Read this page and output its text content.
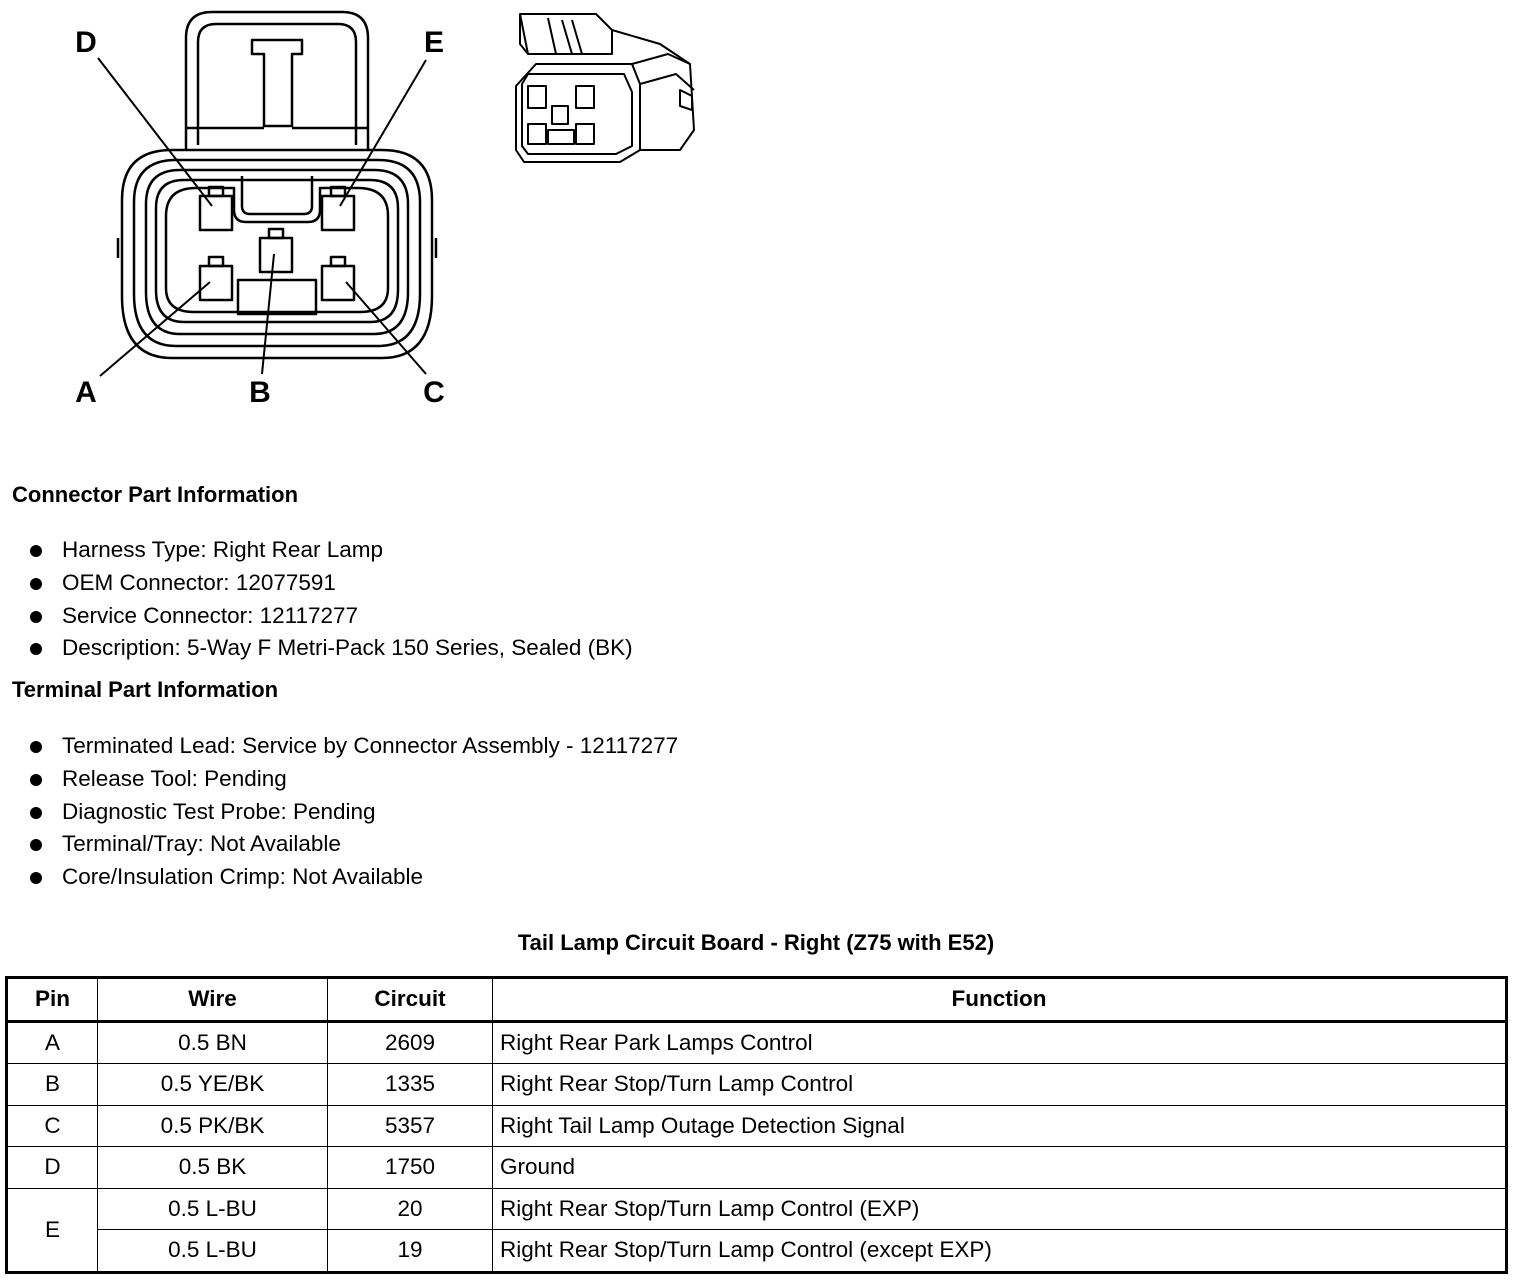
D	E
A	B	C
Connector Part Information
Harness Type: Right Rear Lamp
OEM Connector: 12077591
Service Connector: 12117277
Description: 5-Way F Metri-Pack 150 Series, Sealed (BK)
Terminal Part Information
Terminated Lead: Service by Connector Assembly - 12117277
Release Tool: Pending
Diagnostic Test Probe: Pending
Terminal/Tray: Not Available
Core/Insulation Crimp: Not Available
Tail Lamp Circuit Board - Right (Z75 with E52)
Pin	Wire	Circuit	Function
A	0.5 BN	2609	Right Rear Park Lamps Control
B	0.5 YE/BK	1335	Right Rear Stop/Turn Lamp Control
C	0.5 PK/BK	5357	Right Tail Lamp Outage Detection Signal
D	0.5 BK	1750	Ground
E	0.5 L-BU	20	Right Rear Stop/Turn Lamp Control (EXP)
	0.5 L-BU	19	Right Rear Stop/Turn Lamp Control (except EXP)
